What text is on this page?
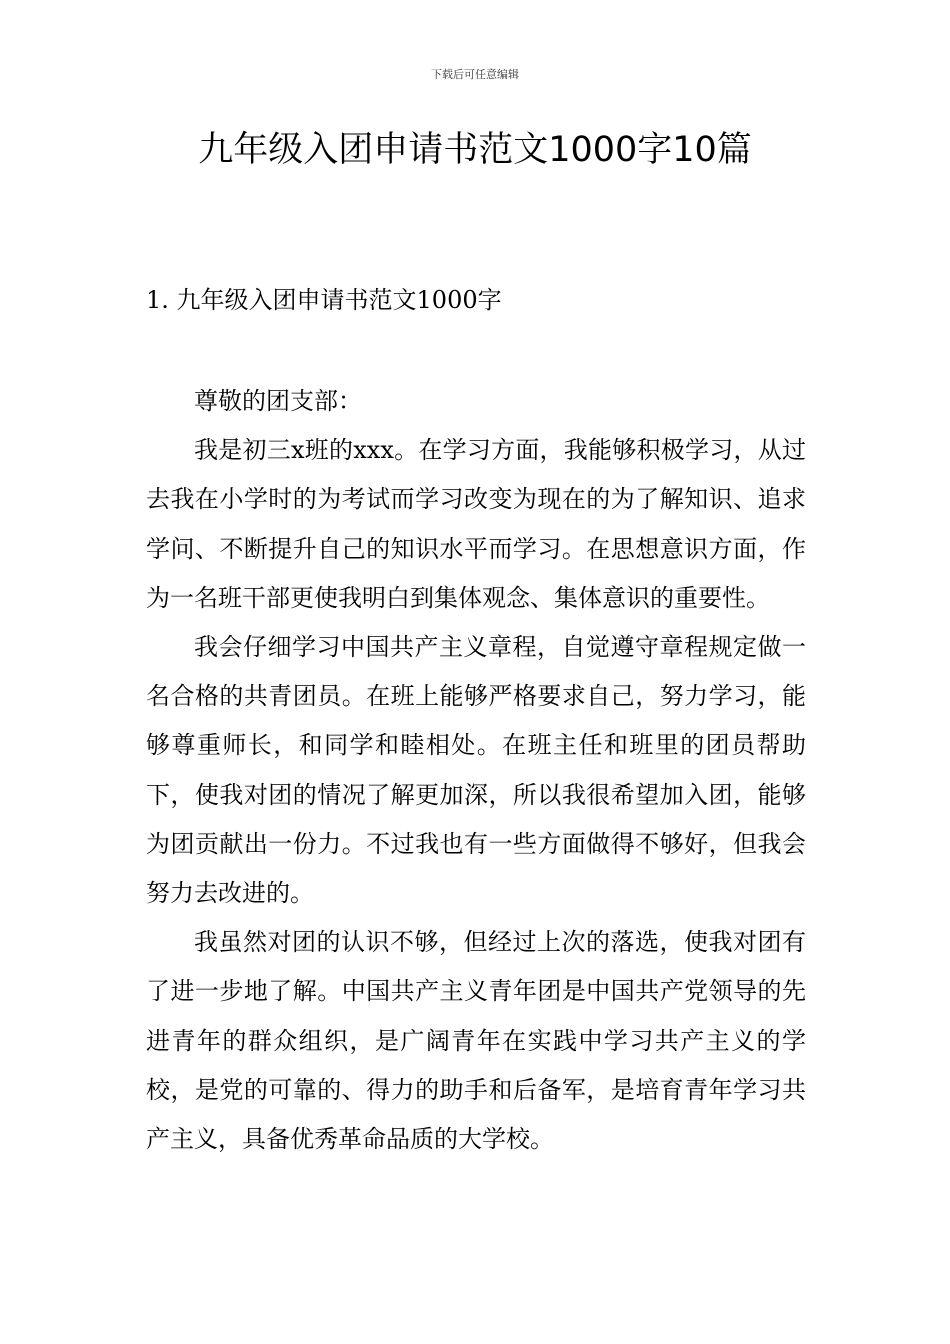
下载后可任意编辑
九年级入团申请书范文1000字10篇
1. 九年级入团申请书范文1000字

尊敬的团支部：

我是初三x班的xxx。在学习方面，我能够积极学习，从过去我在小学时的为考试而学习改变为现在的为了解知识、追求学问、不断提升自己的知识水平而学习。在思想意识方面，作为一名班干部更使我明白到集体观念、集体意识的重要性。

我会仔细学习中国共产主义章程，自觉遵守章程规定做一名合格的共青团员。在班上能够严格要求自己，努力学习，能够尊重师长，和同学和睦相处。在班主任和班里的团员帮助下，使我对团的情况了解更加深，所以我很希望加入团，能够为团贡献出一份力。不过我也有一些方面做得不够好，但我会努力去改进的。

我虽然对团的认识不够，但经过上次的落选，使我对团有了进一步地了解。中国共产主义青年团是中国共产党领导的先进青年的群众组织，是广阔青年在实践中学习共产主义的学校，是党的可靠的、得力的助手和后备军，是培育青年学习共产主义，具备优秀革命品质的大学校。
